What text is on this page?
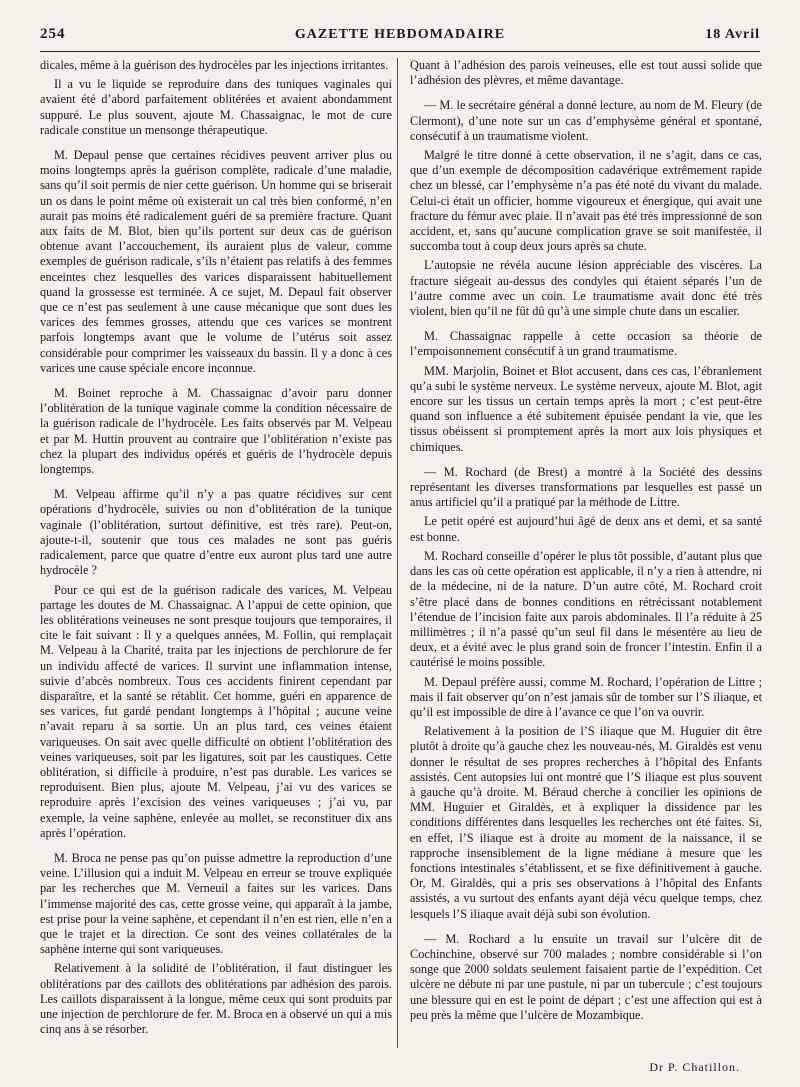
254	GAZETTE HEBDOMADAIRE	18 Avril

dicales, même à la guérison des hydrocèles par les injections irritantes.

Il a vu le liquide se reproduire dans des tuniques vaginales qui avaient été d’abord parfaitement oblitérées et avaient abondamment suppuré. Le plus souvent, ajoute M. Chassaignac, le mot de cure radicale constitue un mensonge thérapeutique.

M. Depaul pense que certaines récidives peuvent arriver plus ou moins longtemps après la guérison complète, radicale d’une maladie, sans qu’il soit permis de nier cette guérison. Un homme qui se briserait un os dans le point même où existerait un cal très bien conformé, n’en aurait pas moins été radicalement guéri de sa première fracture. Quant aux faits de M. Blot, bien qu’ils portent sur deux cas de guérison obtenue avant l’accouchement, ils auraient plus de valeur, comme exemples de guérison radicale, s’ils n’étaient pas relatifs à des femmes enceintes chez lesquelles des varices disparaissent habituellement quand la grossesse est terminée. A ce sujet, M. Depaul fait observer que ce n’est pas seulement à une cause mécanique que sont dues les varices des femmes grosses, attendu que ces varices se montrent parfois longtemps avant que le volume de l’utérus soit assez considérable pour comprimer les vaisseaux du bassin. Il y a donc à ces varices une cause spéciale encore inconnue.

M. Boinet reproche à M. Chassaignac d’avoir paru donner l’oblitération de la tunique vaginale comme la condition nécessaire de la guérison radicale de l’hydrocèle. Les faits observés par M. Velpeau et par M. Huttin prouvent au contraire que l’oblitération n’existe pas chez la plupart des individus opérés et guéris de l’hydrocèle depuis longtemps.

M. Velpeau affirme qu’il n’y a pas quatre récidives sur cent opérations d’hydrocèle, suivies ou non d’oblitération de la tunique vaginale (l’oblitération, surtout définitive, est très rare). Peut-on, ajoute-t-il, soutenir que tous ces malades ne sont pas guéris radicalement, parce que quatre d’entre eux auront plus tard une autre hydrocèle ?

Pour ce qui est de la guérison radicale des varices, M. Velpeau partage les doutes de M. Chassaignac. A l’appui de cette opinion, que les oblitérations veineuses ne sont presque toujours que temporaires, il cite le fait suivant : Il y a quelques années, M. Follin, qui remplaçait M. Velpeau à la Charité, traita par les injections de perchlorure de fer un individu affecté de varices. Il survint une inflammation intense, suivie d’abcès nombreux. Tous ces accidents finirent cependant par disparaître, et la santé se rétablit. Cet homme, guéri en apparence de ses varices, fut gardé pendant longtemps à l’hôpital ; aucune veine n’avait reparu à sa sortie. Un an plus tard, ces veines étaient variqueuses. On sait avec quelle difficulté on obtient l’oblitération des veines variqueuses, soit par les ligatures, soit par les caustiques. Cette oblitération, si difficile à produire, n’est pas durable. Les varices se reproduisent. Bien plus, ajoute M. Velpeau, j’ai vu des varices se reproduire après l’excision des veines variqueuses ; j’ai vu, par exemple, la veine saphène, enlevée au mollet, se reconstituer dix ans après l’opération.

M. Broca ne pense pas qu’on puisse admettre la reproduction d’une veine. L’illusion qui a induit M. Velpeau en erreur se trouve expliquée par les recherches que M. Verneuil a faites sur les varices. Dans l’immense majorité des cas, cette grosse veine, qui apparaît à la jambe, est prise pour la veine saphène, et cependant il n’en est rien, elle n’en a que le trajet et la direction. Ce sont des veines collatérales de la saphène interne qui sont variqueuses.

Relativement à la solidité de l’oblitération, il faut distinguer les oblitérations par des caillots des oblitérations par adhésion des parois. Les caillots disparaissent à la longue, même ceux qui sont produits par une injection de perchlorure de fer. M. Broca en a observé un qui a mis cinq ans à se résorber.

Quant à l’adhésion des parois veineuses, elle est tout aussi solide que l’adhésion des plèvres, et même davantage.

— M. le secrétaire général a donné lecture, au nom de M. Fleury (de Clermont), d’une note sur un cas d’emphysème général et spontané, consécutif à un traumatisme violent.

Malgré le titre donné à cette observation, il ne s’agit, dans ce cas, que d’un exemple de décomposition cadavérique extrêmement rapide chez un blessé, car l’emphysème n’a pas été noté du vivant du malade. Celui-ci était un officier, homme vigoureux et énergique, qui avait une fracture du fémur avec plaie. Il n’avait pas été très impressionné de son accident, et, sans qu’aucune complication grave se soit manifestée, il succomba tout à coup deux jours après sa chute.

L’autopsie ne révéla aucune lésion appréciable des viscères. La fracture siégeait au-dessus des condyles qui étaient séparés l’un de l’autre comme avec un coin. Le traumatisme avait donc été très violent, bien qu’il ne fût dû qu’à une simple chute dans un escalier.

M. Chassaignac rappelle à cette occasion sa théorie de l’empoisonnement consécutif à un grand traumatisme.

MM. Marjolin, Boinet et Blot accusent, dans ces cas, l’ébranlement qu’a subi le système nerveux. Le système nerveux, ajoute M. Blot, agit encore sur les tissus un certain temps après la mort ; c’est peut-être quand son influence a été subitement épuisée pendant la vie, que les tissus obéissent si promptement après la mort aux lois physiques et chimiques.

— M. Rochard (de Brest) a montré à la Société des dessins représentant les diverses transformations par lesquelles est passé un anus artificiel qu’il a pratiqué par la méthode de Littre.

Le petit opéré est aujourd’hui âgé de deux ans et demi, et sa santé est bonne.

M. Rochard conseille d’opérer le plus tôt possible, d’autant plus que dans les cas où cette opération est applicable, il n’y a rien à attendre, ni de la médecine, ni de la nature. D’un autre côté, M. Rochard croit s’être placé dans de bonnes conditions en rétrécissant notablement l’étendue de l’incision faite aux parois abdominales. Il l’a réduite à 25 millimètres ; il n’a passé qu’un seul fil dans le mésentère au lieu de deux, et a évité avec le plus grand soin de froncer l’intestin. Enfin il a cautérisé le moins possible.

M. Depaul préfère aussi, comme M. Rochard, l’opération de Littre ; mais il fait observer qu’on n’est jamais sûr de tomber sur l’S iliaque, et qu’il est impossible de dire à l’avance ce que l’on va ouvrir.

Relativement à la position de l’S iliaque que M. Huguier dit être plutôt à droite qu’à gauche chez les nouveau-nés, M. Giraldès est venu donner le résultat de ses propres recherches à l’hôpital des Enfants assistés. Cent autopsies lui ont montré que l’S iliaque est plus souvent à gauche qu’à droite. M. Béraud cherche à concilier les opinions de MM. Huguier et Giraldès, et à expliquer la dissidence par les conditions différentes dans lesquelles les recherches ont été faites. Si, en effet, l’S iliaque est à droite au moment de la naissance, il se rapproche insensiblement de la ligne médiane à mesure que les fonctions intestinales s’établissent, et se fixe définitivement à gauche. Or, M. Giraldès, qui a pris ses observations à l’hôpital des Enfants assistés, a vu surtout des enfants ayant déjà vécu quelque temps, chez lesquels l’S iliaque avait déjà subi son évolution.

— M. Rochard a lu ensuite un travail sur l’ulcère dit de Cochinchine, observé sur 700 malades ; nombre considérable si l’on songe que 2000 soldats seulement faisaient partie de l’expédition. Cet ulcère ne débute ni par une pustule, ni par un tubercule ; c’est toujours une blessure qui en est le point de départ ; c’est une affection qui est à peu près la même que l’ulcère de Mozambique.

Dr P. Chatillon.
